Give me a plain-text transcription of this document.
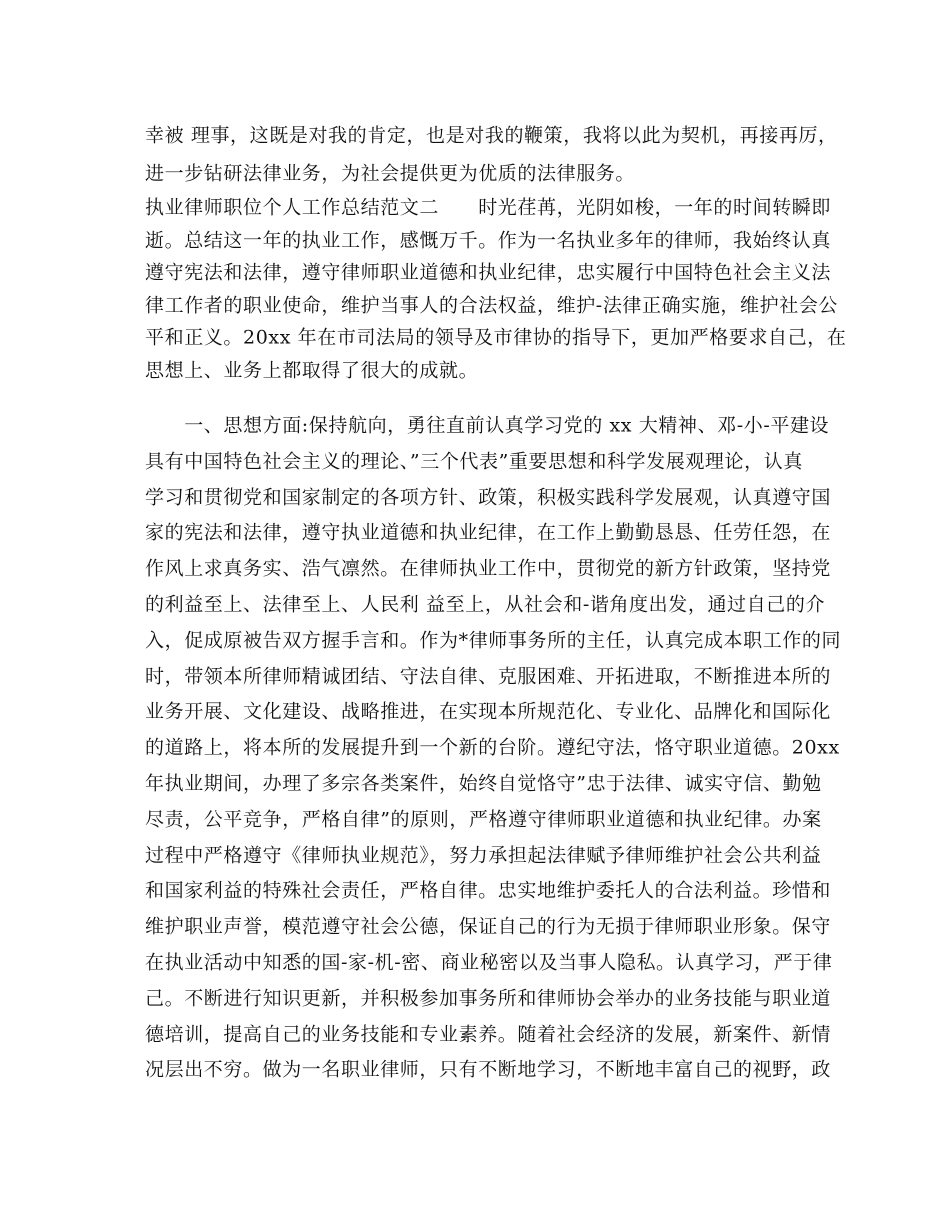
幸被 理事，这既是对我的肯定，也是对我的鞭策，我将以此为契机，再接再厉，
进一步钻研法律业务，为社会提供更为优质的法律服务。
执业律师职位个人工作总结范文二　　时光荏苒，光阴如梭，一年的时间转瞬即
逝。总结这一年的执业工作，感慨万千。作为一名执业多年的律师，我始终认真
遵守宪法和法律，遵守律师职业道德和执业纪律，忠实履行中国特色社会主义法
律工作者的职业使命，维护当事人的合法权益，维护-法律正确实施，维护社会公
平和正义。20xx 年在市司法局的领导及市律协的指导下，更加严格要求自己，在
思想上、业务上都取得了很大的成就。
　　一、思想方面:保持航向，勇往直前认真学习党的 xx 大精神、邓-小-平建设
具有中国特色社会主义的理论、”三个代表”重要思想和科学发展观理论，认真
学习和贯彻党和国家制定的各项方针、政策，积极实践科学发展观，认真遵守国
家的宪法和法律，遵守执业道德和执业纪律，在工作上勤勤恳恳、任劳任怨，在
作风上求真务实、浩气凛然。在律师执业工作中，贯彻党的新方针政策，坚持党
的利益至上、法律至上、人民利 益至上，从社会和-谐角度出发，通过自己的介
入，促成原被告双方握手言和。作为*律师事务所的主任，认真完成本职工作的同
时，带领本所律师精诚团结、守法自律、克服困难、开拓进取，不断推进本所的
业务开展、文化建设、战略推进，在实现本所规范化、专业化、品牌化和国际化
的道路上，将本所的发展提升到一个新的台阶。遵纪守法，恪守职业道德。20xx
年执业期间，办理了多宗各类案件，始终自觉恪守”忠于法律、诚实守信、勤勉
尽责，公平竞争，严格自律”的原则，严格遵守律师职业道德和执业纪律。办案
过程中严格遵守《律师执业规范》，努力承担起法律赋予律师维护社会公共利益
和国家利益的特殊社会责任，严格自律。忠实地维护委托人的合法利益。珍惜和
维护职业声誉，模范遵守社会公德，保证自己的行为无损于律师职业形象。保守
在执业活动中知悉的国-家-机-密、商业秘密以及当事人隐私。认真学习，严于律
己。不断进行知识更新，并积极参加事务所和律师协会举办的业务技能与职业道
德培训，提高自己的业务技能和专业素养。随着社会经济的发展，新案件、新情
况层出不穷。做为一名职业律师，只有不断地学习，不断地丰富自己的视野，政
